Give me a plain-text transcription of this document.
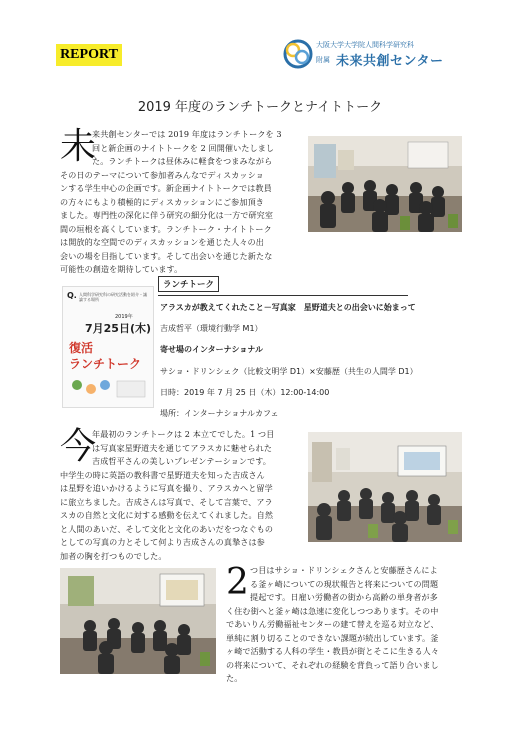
REPORT
大阪大学大学院人間科学研究科
附属 未来共創センター
2019 年度のランチトークとナイトトーク
未
来共創センターでは 2019 年度はランチトークを 3
回と新企画のナイトトークを 2 回開催いたしまし
た。ランチトークは昼休みに軽食をつまみながら
その日のテーマについて参加者みんなでディスカッショ
ンする学生中心の企画です。新企画ナイトトークでは教員
の方々にもより積極的にディスカッションにご参加頂き
ました。専門性の深化に伴う研究の細分化は一方で研究室
間の垣根を高くしています。ランチトーク・ナイトトーク
は開放的な空間でのディスカッションを通じた人々の出
会いの場を目指しています。そして出会いを通じた新たな
可能性の創造を期待しています。
Q. 人間科学研究科の研究活動を紹介・議論する場所
2019年
7月25日(木)
復活
ランチトーク
ランチトーク
アラスカが教えてくれたこと－写真家　星野道夫との出会いに始まって
吉成哲平（環境行動学 M1）
寄せ場のインターナショナル
サショ・ドリンシェク（比較文明学 D1）×安藤歴（共生の人間学 D1）
日時：2019 年 7 月 25 日（木）12:00-14:00
場所：インターナショナルカフェ
今
年最初のランチトークは 2 本立てでした。1 つ目
は写真家星野道夫を通じてアラスカに魅せられた
吉成哲平さんの美しいプレゼンテーションです。
中学生の時に英語の教科書で星野道夫を知った吉成さん
は星野を追いかけるように写真を撮り、アラスカへと留学
に旅立ちました。吉成さんは写真で、そして言葉で、アラ
スカの自然と文化に対する感動を伝えてくれました。自然
と人間のあいだ、そして文化と文化のあいだをつなぐもの
としての写真の力とそして何より吉成さんの真摯さは参
加者の胸を打つものでした。
2 つ目はサショ・ドリンシェクさんと安藤歴さんによ
る釜ヶ崎についての現状報告と将来についての問題
提起です。日雇い労働者の街から高齢の単身者が多
く住む街へと釜ヶ崎は急速に変化しつつあります。その中
であいりん労働福祉センターの建て替えを巡る対立など、
単純に割り切ることのできない課題が続出しています。釜
ヶ崎で活動する人科の学生・教員が街とそこに生きる人々
の将来について、それぞれの経験を背負って語り合いまし
た。
